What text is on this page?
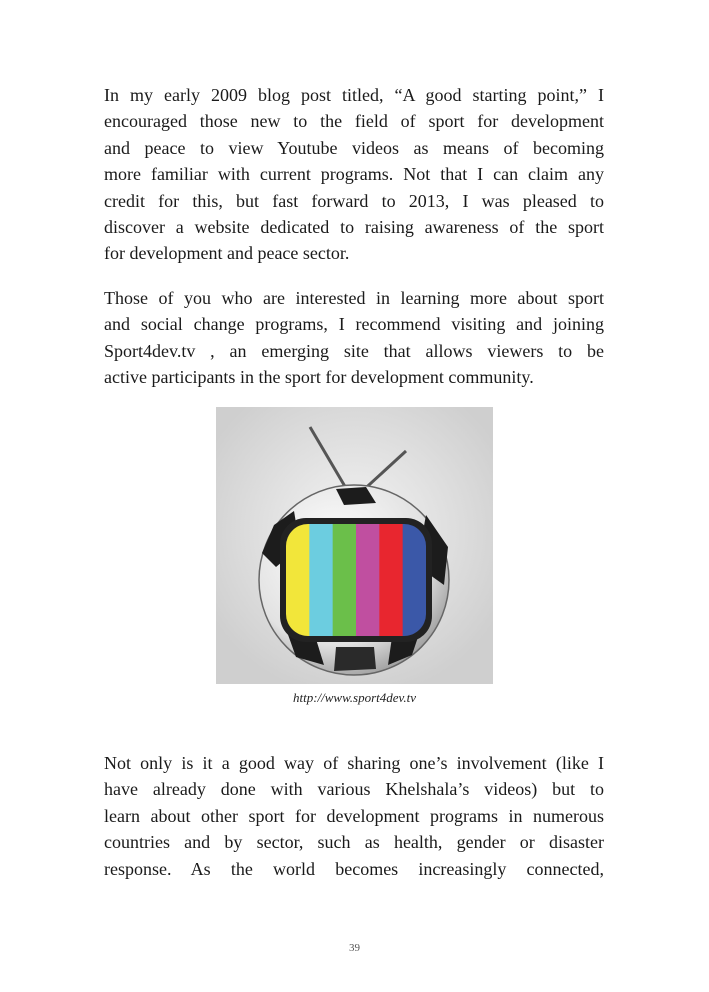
In my early 2009 blog post titled, “A good starting point,” I
encouraged those new to the field of sport for development
and peace to view Youtube videos as means of becoming
more familiar with current programs. Not that I can claim any
credit for this, but fast forward to 2013, I was pleased to
discover a website dedicated to raising awareness of the sport
for development and peace sector.

Those of you who are interested in learning more about sport
and social change programs, I recommend visiting and joining
Sport4dev.tv , an emerging site that allows viewers to be
active participants in the sport for development community.

http://www.sport4dev.tv

Not only is it a good way of sharing one’s involvement (like I
have already done with various Khelshala’s videos) but to
learn about other sport for development programs in numerous
countries and by sector, such as health, gender or disaster
response. As the world becomes increasingly connected,

39
